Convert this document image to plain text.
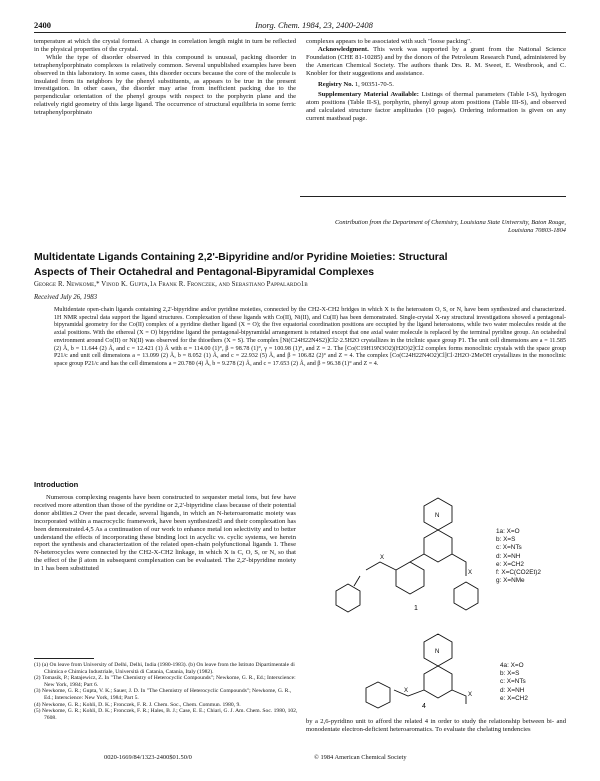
2400	Inorg. Chem. 1984, 23, 2400-2408

temperature at which the crystal formed. A change in correlation length might in turn be reflected in the physical properties of the crystal.

While the type of disorder observed in this compound is unusual, packing disorder in tetraphenylporphinato complexes is relatively common. Several unpublished examples have been observed in this laboratory. In some cases, this disorder occurs because the core of the molecule is insulated from its neighbors by the phenyl substituents, as appears to be true in the present investigation. In other cases, the disorder may arise from inefficient packing due to the perpendicular orientation of the phenyl groups with respect to the porphyrin plane and the relatively rigid geometry of this large ligand. The occurrence of structural equilibria in some ferric tetraphenylporphinato

complexes appears to be associated with such "loose packing".

Acknowledgment. This work was supported by a grant from the National Science Foundation (CHE 81-10285) and by the donors of the Petroleum Research Fund, administered by the American Chemical Society. The authors thank Drs. R. M. Sweet, E. Westbrook, and C. Knobler for their suggestions and assistance.

Registry No. 1, 90351-70-5.

Supplementary Material Available: Listings of thermal parameters (Table I-S), hydrogen atom positions (Table II-S), porphyrin, phenyl group atom positions (Table III-S), and observed and calculated structure factor amplitudes (10 pages). Ordering information is given on any current masthead page.

Contribution from the Department of Chemistry, Louisiana State University, Baton Rouge, Louisiana 70803-1804
Multidentate Ligands Containing 2,2'-Bipyridine and/or Pyridine Moieties: Structural
Aspects of Their Octahedral and Pentagonal-Bipyramidal Complexes
George R. Newkome,* Vinod K. Gupta,1a Frank R. Fronczek, and Sebastiano Pappalardo1b
Received July 26, 1983
Multidentate open-chain ligands containing 2,2'-bipyridine and/or pyridine moieties, connected by the CH2-X-CH2 bridges in which X is the heteroatom O, S, or N, have been synthesized and characterized. 1H NMR spectral data support the ligand structures. Complexation of these ligands with Co(II), Ni(II), and Cu(II) has been demonstrated. Single-crystal X-ray structural investigations showed a pentagonal-bipyramidal geometry for the Co(II) complex of a pyridine diether ligand (X = O); the five equatorial coordination positions are occupied by the ligand heteroatoms, while two water molecules reside at the axial positions. With the ethereal (X = O) bipyridine ligand the pentagonal-bipyramidal arrangement is retained except that one axial water molecule is replaced by the terminal pyridine group. An octahedral environment around Co(II) or Ni(II) was observed for the thioethers (X = S). The complex [Ni(C24H22N4S2)]Cl2·2.5H2O crystallizes in the triclinic space group P1. The unit cell dimensions are a = 11.585 (2) Å, b = 11.644 (2) Å, and c = 12.421 (1) Å with α = 114.00 (1)°, β = 98.78 (1)°, γ = 100.98 (1)°, and Z = 2. The [Co(C19H19N3O2)(H2O)2]Cl2 complex forms monoclinic crystals with the space group P21/c and unit cell dimensions a = 13.099 (2) Å, b = 8.052 (1) Å, and c = 22.932 (5) Å, and β = 106.82 (2)° and Z = 4. The complex [Co(C24H22N4O2)Cl]Cl·2H2O·2MeOH crystallizes in the monoclinic space group P21/c and has the cell dimensions a = 20.780 (4) Å, b = 9.278 (2) Å, and c = 17.653 (2) Å, and β = 96.38 (1)° and Z = 4.
Introduction

Numerous complexing reagents have been constructed to sequester metal ions, but few have received more attention than those of the pyridine or 2,2'-bipyridine class because of their potential donor abilities.2 Over the past decade, several ligands, in which an N-heteroaromatic moiety was incorporated within a macrocyclic framework, have been synthesized3 and their complexation has been demonstrated.4,5 As a continuation of our work to enhance metal ion selectivity and to better understand the effects of incorporating these binding loci in acyclic vs. cyclic systems, we herein report the synthesis and characterization of the related open-chain polyfunctional ligands 1. These N-heterocycles were connected by the CH2-X-CH2 linkage, in which X is C, O, S, or N, so that the effect of the β atom in subsequent complexation can be evaluated. The 2,2'-bipyridine moiety in 1 has been substituted

(1) (a) On leave from University of Delhi, Delhi, India (1980-1983). (b) On leave from the Istituto Dipartimentale di Chimica e Chimica Industriale, Università di Catania, Catania, Italy (1982).

(2) Tomasik, P.; Ratajewicz, Z. In "The Chemistry of Heterocyclic Compounds"; Newkome, G. R., Ed.; Interscience: New York, 1984; Part 6.

(3) Newkome, G. R.; Gupta, V. K.; Sauer, J. D. In "The Chemistry of Heterocyclic Compounds"; Newkome, G. R., Ed.; Interscience: New York, 1984; Part 5.

(4) Newkome, G. R.; Kohli, D. K.; Fronczek, F. R. J. Chem. Soc., Chem. Commun. 1980, 9.

(5) Newkome, G. R.; Kohli, D. K.; Fronczek, F. R.; Hales, B. J.; Case, E. E.; Chiari, G. J. Am. Chem. Soc. 1980, 102, 7608.

N
X
X
1
1a: X=O
b: X=S
c: X=NTs
d: X=NH
e: X=CH2
f: X=C(CO2Et)2
g: X=NMe
N
X
X
4
4a: X=O
b: X=S
c: X=NTs
d: X=NH
e: X=CH2

by a 2,6-pyridino unit to afford the related 4 in order to study the relationship between bi- and monodentate electron-deficient heteroaromatics. To evaluate the chelating tendencies

0020-1669/84/1323-2400$01.50/0	© 1984 American Chemical Society
